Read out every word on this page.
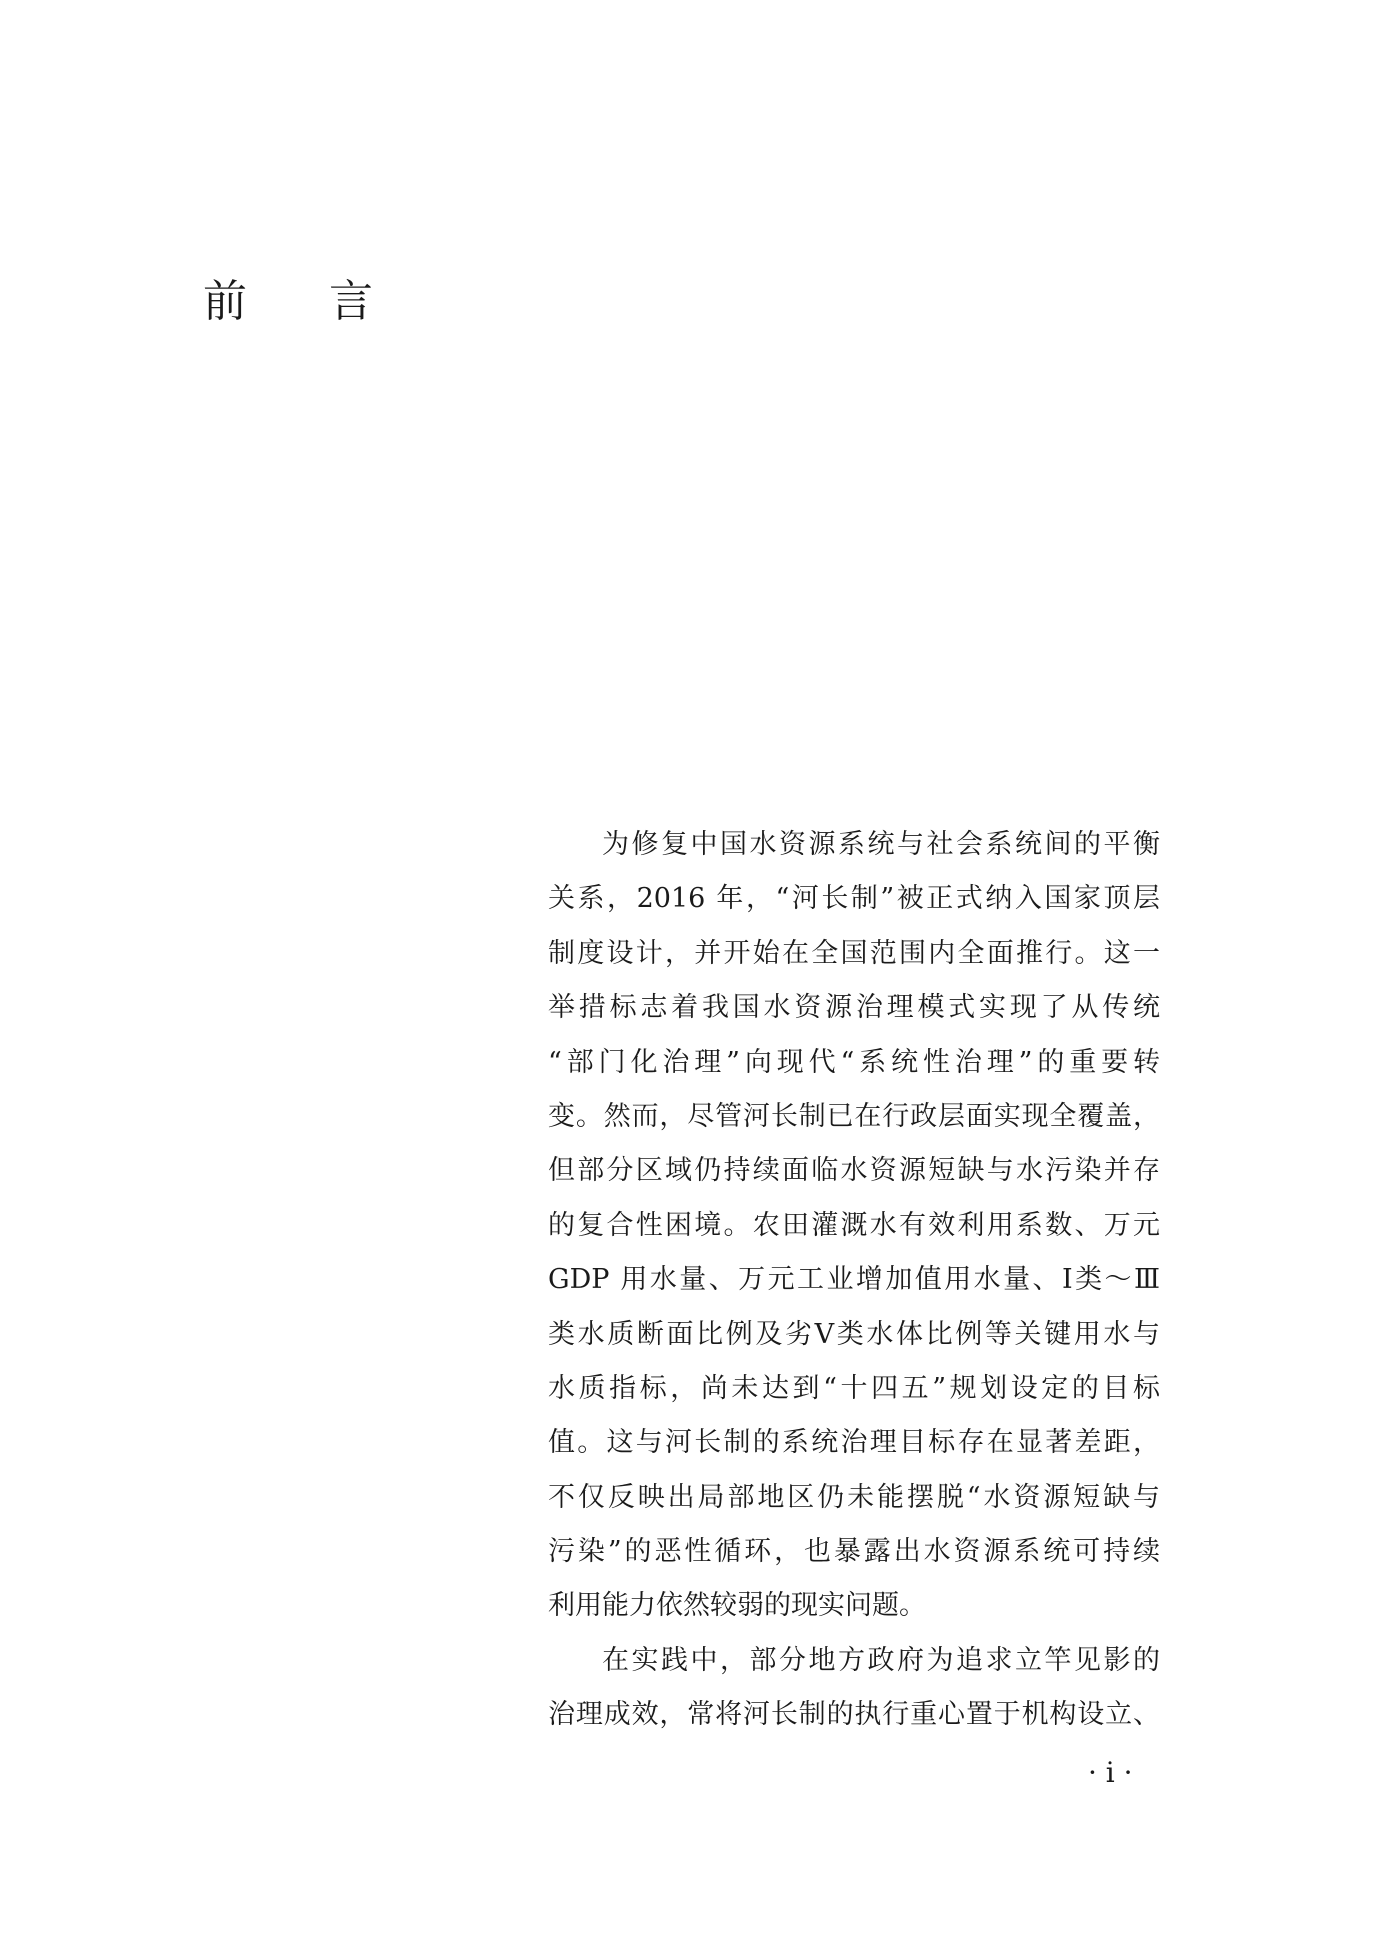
前 言
为修复中国水资源系统与社会系统间的平衡
关系，2016 年，“河长制”被正式纳入国家顶层
制度设计，并开始在全国范围内全面推行。这一
举措标志着我国水资源治理模式实现了从传统
“部门化治理”向现代“系统性治理”的重要转
变。然而，尽管河长制已在行政层面实现全覆盖，
但部分区域仍持续面临水资源短缺与水污染并存
的复合性困境。农田灌溉水有效利用系数、万元
GDP 用水量、万元工业增加值用水量、Ⅰ类～Ⅲ
类水质断面比例及劣Ⅴ类水体比例等关键用水与
水质指标，尚未达到“十四五”规划设定的目标
值。这与河长制的系统治理目标存在显著差距，
不仅反映出局部地区仍未能摆脱“水资源短缺与
污染”的恶性循环，也暴露出水资源系统可持续
利用能力依然较弱的现实问题。
在实践中，部分地方政府为追求立竿见影的
治理成效，常将河长制的执行重心置于机构设立、
· i ·
